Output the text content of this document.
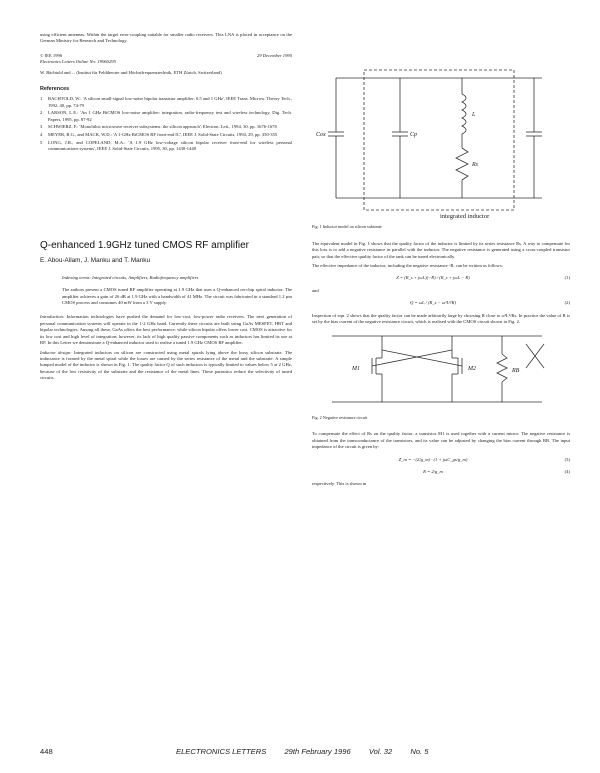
using efficient antennas. Within the target error-coupling suitable for smaller radio receivers. This LNA is placed in acceptance on the German Ministry for Research and Technology.

© IEE 1996	29 December 1995

Electronics Letters Online No: 19960295

W. Bächtold and ... (Institut für Feldtheorie und Höchstfrequenztechnik, ETH Zürich, Switzerland)

References
1	BACHTOLD, W.: 'A silicon small-signal low-noise bipolar transistor amplifier, 0.5 and 1 GHz', IEEE Trans. Microw. Theory Tech., 1992, 40, pp. 74-79
2	LARSON, L.E.: 'An 1 GHz BiCMOS low-noise amplifier: integration, radio-frequency test and wireless technology, Dig. Tech. Papers, 1995, pp. 87-92
3	SCHWIERZ, F.: 'Monolithic microwave receiver subsystems: the silicon approach', Electron. Lett., 1994, 30, pp. 1676-1678
4	MEYER, R.G., and MACK, W.D.: 'A 1-GHz BiCMOS RF front-end IC', IEEE J. Solid-State Circuits, 1994, 29, pp. 350-355
5	LONG, J.R., and COPELAND, M.A.: 'A 1.9 GHz low-voltage silicon bipolar receiver front-end for wireless personal communications systems', IEEE J. Solid-State Circuits, 1995, 30, pp. 1438-1448
Q-enhanced 1.9GHz tuned CMOS RF amplifier
E. Abou-Allam, J. Manku and T. Manku

Indexing terms: Integrated circuits, Amplifiers, Radiofrequency amplifiers

The authors present a CMOS tuned RF amplifier operating at 1.9 GHz that uses a Q-enhanced on-chip spiral inductor. The amplifier achieves a gain of 26 dB at 1.9 GHz with a bandwidth of 41 MHz. The circuit was fabricated in a standard 1.2 µm CMOS process and consumes 40 mW from a 3 V supply.

Introduction: Information technologies have pushed the demand for low-cost, low-power radio receivers. The next generation of personal communication systems will operate in the 1-2 GHz band. Currently these circuits are built using GaAs MESFET, HBT and bipolar technologies. Among all these, GaAs offers the best performance, while silicon bipolar offers lower cost. CMOS is attractive for its low cost and high level of integration; however, its lack of high quality passive components such as inductors has limited its use at RF. In this Letter we demonstrate a Q-enhanced inductor used to realise a tuned 1.9 GHz CMOS RF amplifier.

Inductor design: Integrated inductors on silicon are constructed using metal spirals lying above the lossy silicon substrate. The inductance is formed by the metal spiral while the losses are caused by the series resistance of the metal and the substrate. A simple lumped model of the inductor is shown in Fig. 1. The quality factor Q of such inductors is typically limited to values below 5 at 2 GHz, because of the low resistivity of the substrate and the resistance of the metal lines. These parasitics reduce the selectivity of tuned circuits.

Cox	Cp
L
Rs
integrated inductor
Fig. 1 Inductor model on silicon substrate

The equivalent model in Fig. 1 shows that the quality factor of the inductor is limited by its series resistance Rs. A way to compensate for this loss is to add a negative resistance in parallel with the inductor. The negative resistance is generated using a cross-coupled transistor pair, so that the effective quality factor of the tank can be tuned electronically.

The effective impedance of the inductor, including the negative resistance -R, can be written as follows:

Z = (R_s + jωL)(−R) / (R_s + jωL − R)	(1)

and

Q = ωL / (R_s − ω²L²/R)	(2)

Inspection of eqn. 2 shows that the quality factor can be made arbitrarily large by choosing R close to ω²L²/Rs. In practice the value of R is set by the bias current of the negative resistance circuit, which is realised with the CMOS circuit shown in Fig. 2.

M1	M2	RB
Fig. 2 Negative resistance circuit

To compensate the effect of Rs on the quality factor, a transistor M1 is used together with a current mirror. The negative resistance is obtained from the transconductance of the transistors, and its value can be adjusted by changing the bias current through RB. The input impedance of the circuit is given by:

Z_in = −(2/g_m) · (1 + jωC_gs/g_m)	(3)
R = 2/g_m	(4)

respectively. This is shown in

448	ELECTRONICS LETTERS 29th February 1996 Vol. 32 No. 5
